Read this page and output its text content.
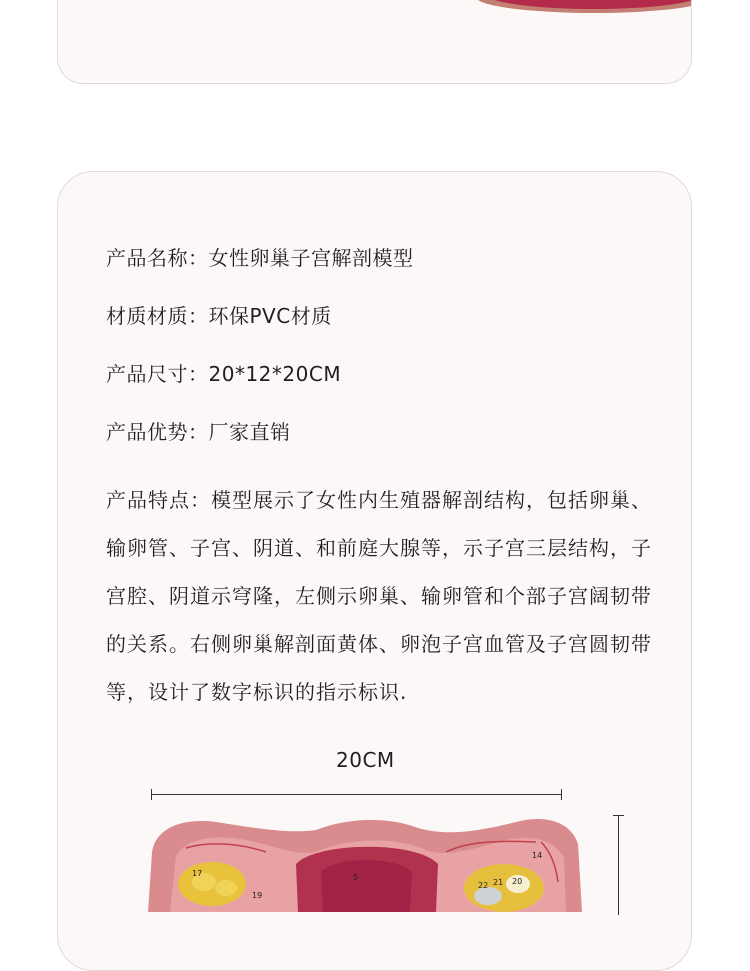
产品名称 ： 女性卵巢子宫解剖模型
材质材质 ： 环保PVC材质
产品尺寸 ： 20*12*20CM
产品优势 ： 厂家直销
产品特点 ： 模型展示了女性内生殖器解剖结构，包括卵巢、输卵管、子宫、阴道、和前庭大腺等，示子宫三层结构，子宫腔、阴道示穹隆，左侧示卵巢、输卵管和个部子宫阔韧带的关系。右侧卵巢解剖面黄体、卵泡子宫血管及子宫圆韧带等，设计了数字标识的指示标识.
20CM
17
19
5
14
22 21 20
